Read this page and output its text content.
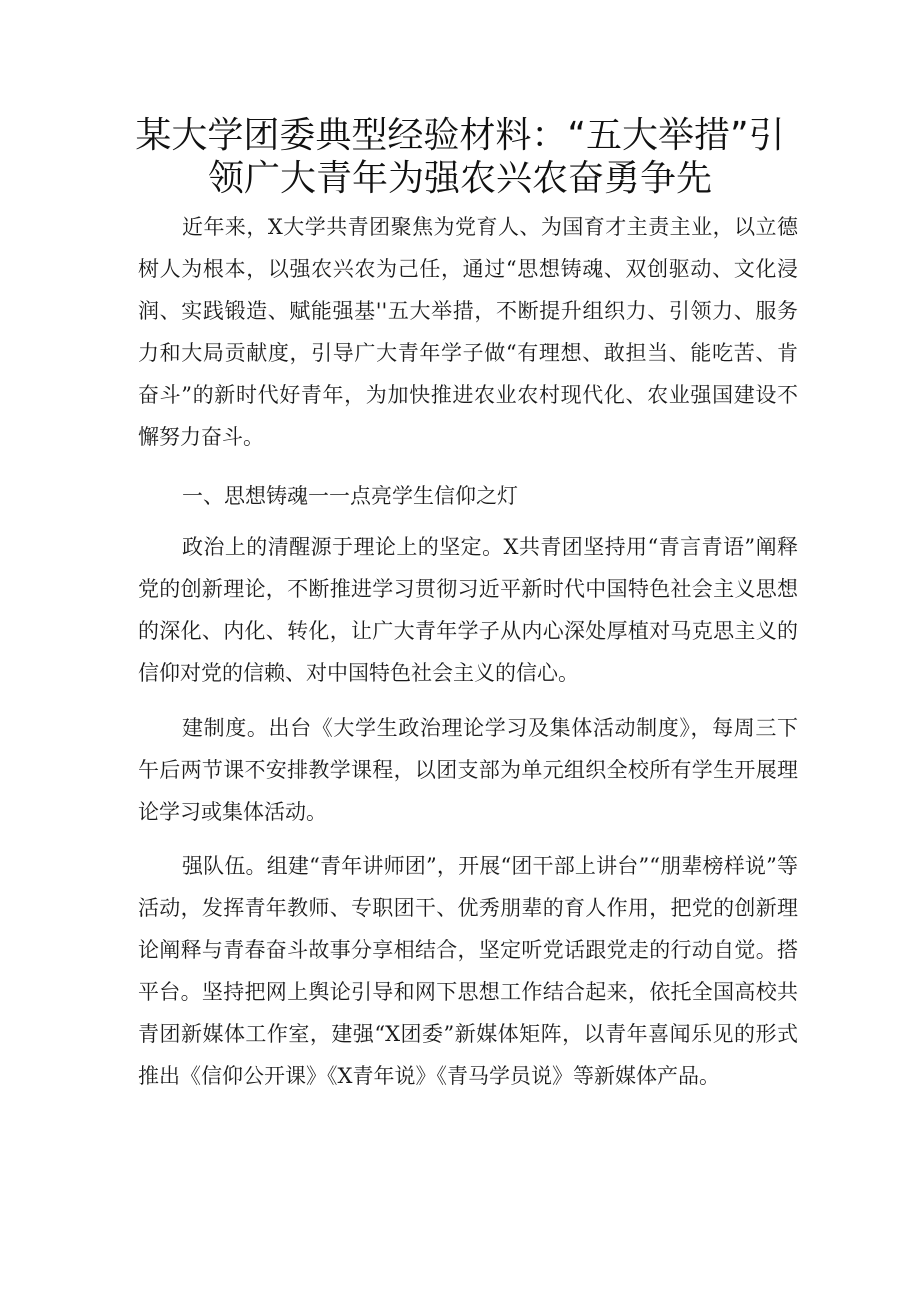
某大学团委典型经验材料：“五大举措”引
领广大青年为强农兴农奋勇争先

近年来，X大学共青团聚焦为党育人、为国育才主责主业，以立德树人为根本，以强农兴农为己任，通过“思想铸魂、双创驱动、文化浸润、实践锻造、赋能强基''五大举措，不断提升组织力、引领力、服务力和大局贡献度，引导广大青年学子做“有理想、敢担当、能吃苦、肯奋斗”的新时代好青年，为加快推进农业农村现代化、农业强国建设不懈努力奋斗。

一、思想铸魂一一点亮学生信仰之灯

政治上的清醒源于理论上的坚定。X共青团坚持用“青言青语”阐释党的创新理论，不断推进学习贯彻习近平新时代中国特色社会主义思想的深化、内化、转化，让广大青年学子从内心深处厚植对马克思主义的信仰对党的信赖、对中国特色社会主义的信心。

建制度。出台《大学生政治理论学习及集体活动制度》，每周三下午后两节课不安排教学课程，以团支部为单元组织全校所有学生开展理论学习或集体活动。

强队伍。组建“青年讲师团”，开展“团干部上讲台”“朋辈榜样说”等活动，发挥青年教师、专职团干、优秀朋辈的育人作用，把党的创新理论阐释与青春奋斗故事分享相结合，坚定听党话跟党走的行动自觉。搭平台。坚持把网上舆论引导和网下思想工作结合起来，依托全国高校共青团新媒体工作室，建强“X团委”新媒体矩阵，以青年喜闻乐见的形式推出《信仰公开课》《X青年说》《青马学员说》等新媒体产品。
